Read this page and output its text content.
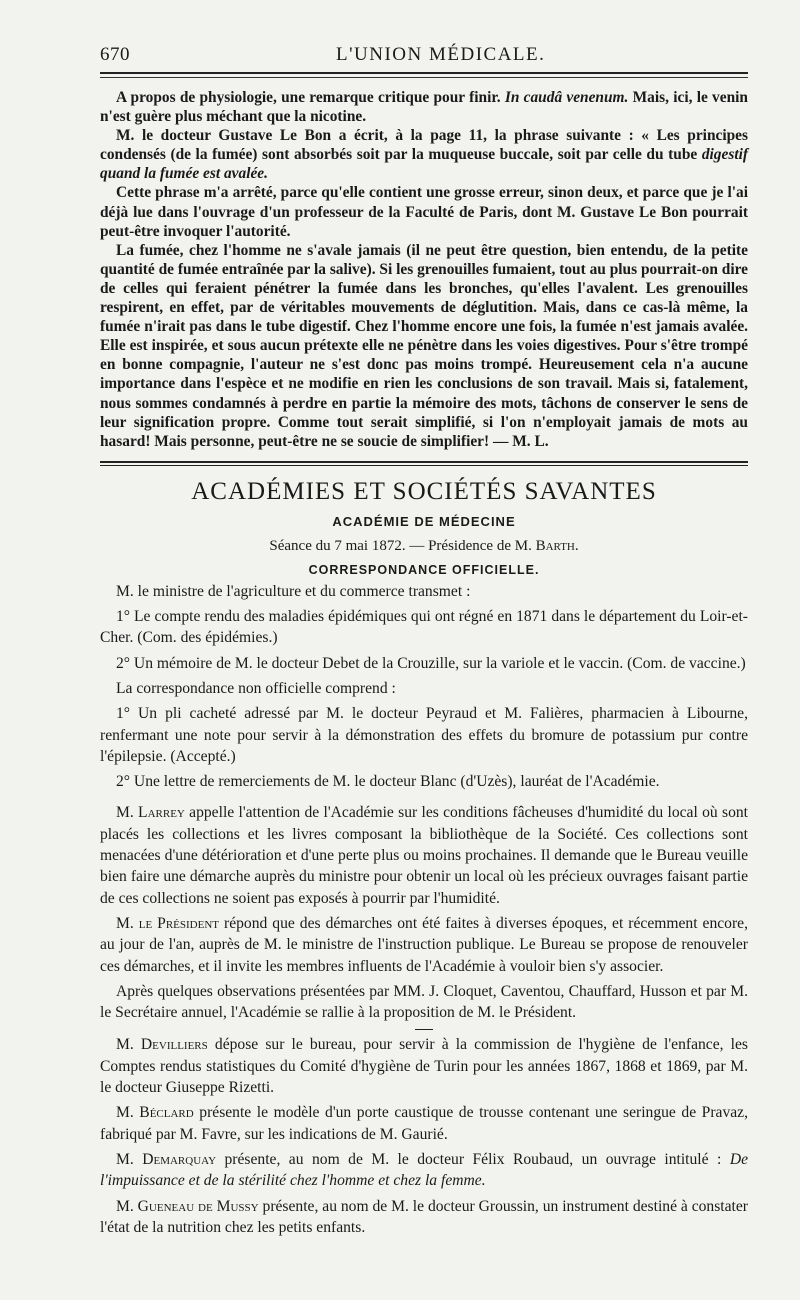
670	L'UNION MÉDICALE.

A propos de physiologie, une remarque critique pour finir. In caudâ venenum. Mais, ici, le venin n'est guère plus méchant que la nicotine.

M. le docteur Gustave Le Bon a écrit, à la page 11, la phrase suivante : « Les principes condensés (de la fumée) sont absorbés soit par la muqueuse buccale, soit par celle du tube digestif quand la fumée est avalée.

Cette phrase m'a arrêté, parce qu'elle contient une grosse erreur, sinon deux, et parce que je l'ai déjà lue dans l'ouvrage d'un professeur de la Faculté de Paris, dont M. Gustave Le Bon pourrait peut-être invoquer l'autorité.

La fumée, chez l'homme ne s'avale jamais (il ne peut être question, bien entendu, de la petite quantité de fumée entraînée par la salive). Si les grenouilles fumaient, tout au plus pourrait-on dire de celles qui feraient pénétrer la fumée dans les bronches, qu'elles l'avalent. Les grenouilles respirent, en effet, par de véritables mouvements de déglutition. Mais, dans ce cas-là même, la fumée n'irait pas dans le tube digestif. Chez l'homme encore une fois, la fumée n'est jamais avalée. Elle est inspirée, et sous aucun prétexte elle ne pénètre dans les voies digestives. Pour s'être trompé en bonne compagnie, l'auteur ne s'est donc pas moins trompé. Heureusement cela n'a aucune importance dans l'espèce et ne modifie en rien les conclusions de son travail. Mais si, fatalement, nous sommes condamnés à perdre en partie la mémoire des mots, tâchons de conserver le sens de leur signification propre. Comme tout serait simplifié, si l'on n'employait jamais de mots au hasard! Mais personne, peut-être ne se soucie de simplifier! — M. L.

ACADÉMIES ET SOCIÉTÉS SAVANTES
ACADÉMIE DE MÉDECINE
Séance du 7 mai 1872. — Présidence de M. Barth.
CORRESPONDANCE OFFICIELLE.

M. le ministre de l'agriculture et du commerce transmet :

1° Le compte rendu des maladies épidémiques qui ont régné en 1871 dans le département du Loir-et-Cher. (Com. des épidémies.)

2° Un mémoire de M. le docteur Debet de la Crouzille, sur la variole et le vaccin. (Com. de vaccine.)

La correspondance non officielle comprend :

1° Un pli cacheté adressé par M. le docteur Peyraud et M. Falières, pharmacien à Libourne, renfermant une note pour servir à la démonstration des effets du bromure de potassium pur contre l'épilepsie. (Accepté.)

2° Une lettre de remerciements de M. le docteur Blanc (d'Uzès), lauréat de l'Académie.

M. Larrey appelle l'attention de l'Académie sur les conditions fâcheuses d'humidité du local où sont placés les collections et les livres composant la bibliothèque de la Société. Ces collections sont menacées d'une détérioration et d'une perte plus ou moins prochaines. Il demande que le Bureau veuille bien faire une démarche auprès du ministre pour obtenir un local où les précieux ouvrages faisant partie de ces collections ne soient pas exposés à pourrir par l'humidité.

M. le Président répond que des démarches ont été faites à diverses époques, et récemment encore, au jour de l'an, auprès de M. le ministre de l'instruction publique. Le Bureau se propose de renouveler ces démarches, et il invite les membres influents de l'Académie à vouloir bien s'y associer.

Après quelques observations présentées par MM. J. Cloquet, Caventou, Chauffard, Husson et par M. le Secrétaire annuel, l'Académie se rallie à la proposition de M. le Président.

M. Devilliers dépose sur le bureau, pour servir à la commission de l'hygiène de l'enfance, les Comptes rendus statistiques du Comité d'hygiène de Turin pour les années 1867, 1868 et 1869, par M. le docteur Giuseppe Rizetti.

M. Béclard présente le modèle d'un porte caustique de trousse contenant une seringue de Pravaz, fabriqué par M. Favre, sur les indications de M. Gaurié.

M. Demarquay présente, au nom de M. le docteur Félix Roubaud, un ouvrage intitulé : De l'impuissance et de la stérilité chez l'homme et chez la femme.

M. Gueneau de Mussy présente, au nom de M. le docteur Groussin, un instrument destiné à constater l'état de la nutrition chez les petits enfants.
